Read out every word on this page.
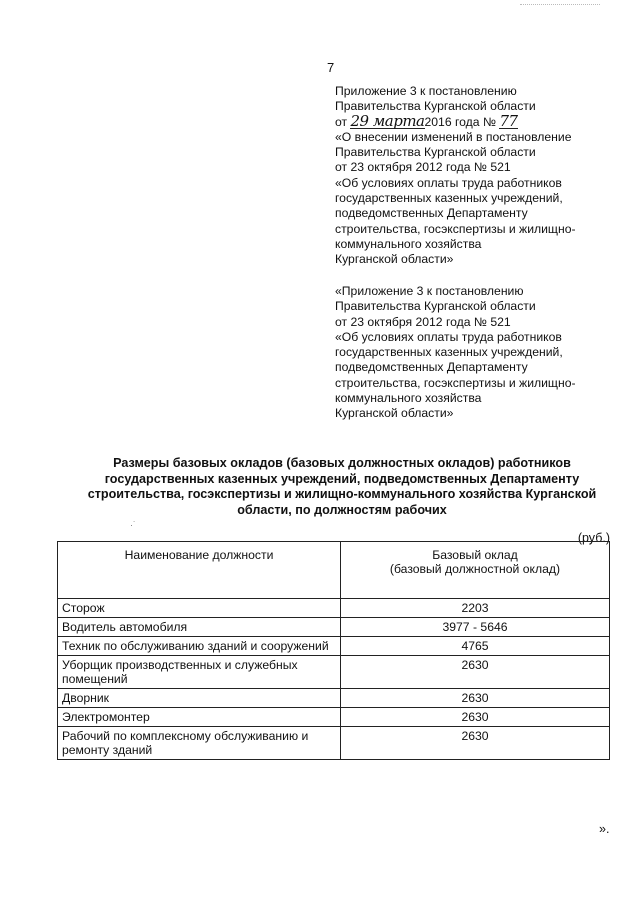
7
Приложение 3 к постановлению
Правительства Курганской области
от 29 марта2016 года № 77
«О внесении изменений в постановление
Правительства Курганской области
от 23 октября 2012 года № 521
«Об условиях оплаты труда работников
государственных казенных учреждений,
подведомственных Департаменту
строительства, госэкспертизы и жилищно-
коммунального хозяйства
Курганской области»
«Приложение 3 к постановлению
Правительства Курганской области
от 23 октября 2012 года № 521
«Об условиях оплаты труда работников
государственных казенных учреждений,
подведомственных Департаменту
строительства, госэкспертизы и жилищно-
коммунального хозяйства
Курганской области»
Размеры базовых окладов (базовых должностных окладов) работников
государственных казенных учреждений, подведомственных Департаменту
строительства, госэкспертизы и жилищно-коммунального хозяйства Курганской
области, по должностям рабочих
·˙
(руб.)
Наименование должности	Базовый оклад
(базовый должностной оклад)

Сторож	2203
Водитель автомобиля	3977 - 5646
Техник по обслуживанию зданий и сооружений	4765
Уборщик производственных и служебных помещений	2630
Дворник	2630
Электромонтер	2630
Рабочий по комплексному обслуживанию и ремонту зданий	2630
».
